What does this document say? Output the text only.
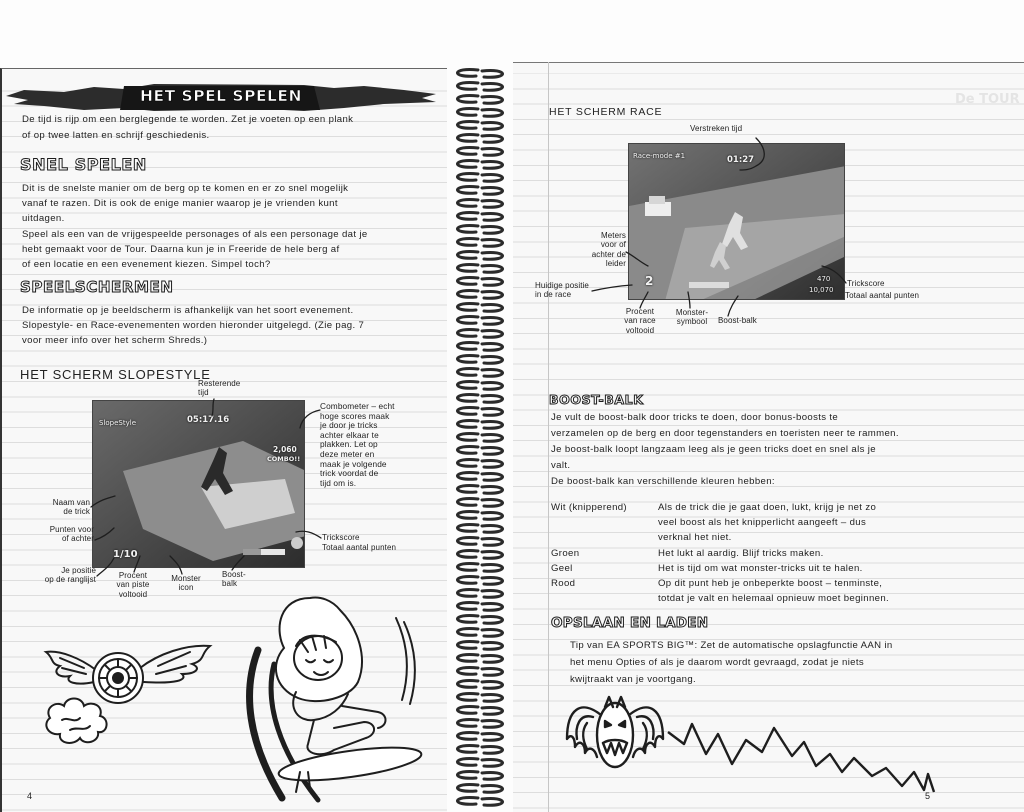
HET SPEL SPELEN
De tijd is rijp om een berglegende te worden. Zet je voeten op een plank
of op twee latten en schrijf geschiedenis.
SNEL SPELEN
Dit is de snelste manier om de berg op te komen en er zo snel mogelijk
vanaf te razen. Dit is ook de enige manier waarop je je vrienden kunt
uitdagen.
Speel als een van de vrijgespeelde personages of als een personage dat je
hebt gemaakt voor de Tour. Daarna kun je in Freeride de hele berg af
of een locatie en een evenement kiezen. Simpel toch?
SPEELSCHERMEN
De informatie op je beeldscherm is afhankelijk van het soort evenement.
Slopestyle- en Race-evenementen worden hieronder uitgelegd. (Zie pag. 7
voor meer info over het scherm Shreds.)
HET SCHERM SLOPESTYLE
SlopeStyle	05:17.16
2,060
COMBO!!
1/10
Resterende
tijd
Combometer – echt
hoge scores maak
je door je tricks
achter elkaar te
plakken. Let op
deze meter en
maak je volgende
trick voordat de
tijd om is.
Naam van
de trick
Punten voor
of achter	Trickscore
Totaal aantal punten
Je positie
op de ranglijst	Procent
van piste
voltooid
Monster
icon
Boost-
balk
4
De TOUR
HET SCHERM RACE
Verstreken tijd
Race-mode #1	01:27
2	470
10,070
Meters
voor of
achter de
leider
Huidige positie
in de race
Procent
van race
voltooid
Monster-
symbool	Boost-balk
Trickscore
Totaal aantal punten
BOOST-BALK
Je vult de boost-balk door tricks te doen, door bonus-boosts te
verzamelen op de berg en door tegenstanders en toeristen neer te rammen.
Je boost-balk loopt langzaam leeg als je geen tricks doet en snel als je
valt.
De boost-balk kan verschillende kleuren hebben:
Wit (knipperend)	Als de trick die je gaat doen, lukt, krijg je net zo
veel boost als het knipperlicht aangeeft – dus
verknal het niet.
Groen	Het lukt al aardig. Blijf tricks maken.
Geel	Het is tijd om wat monster-tricks uit te halen.
Rood	Op dit punt heb je onbeperkte boost – tenminste,
totdat je valt en helemaal opnieuw moet beginnen.
OPSLAAN EN LADEN
Tip van EA SPORTS BIG™: Zet de automatische opslagfunctie AAN in
het menu Opties of als je daarom wordt gevraagd, zodat je niets
kwijtraakt van je voortgang.
5
